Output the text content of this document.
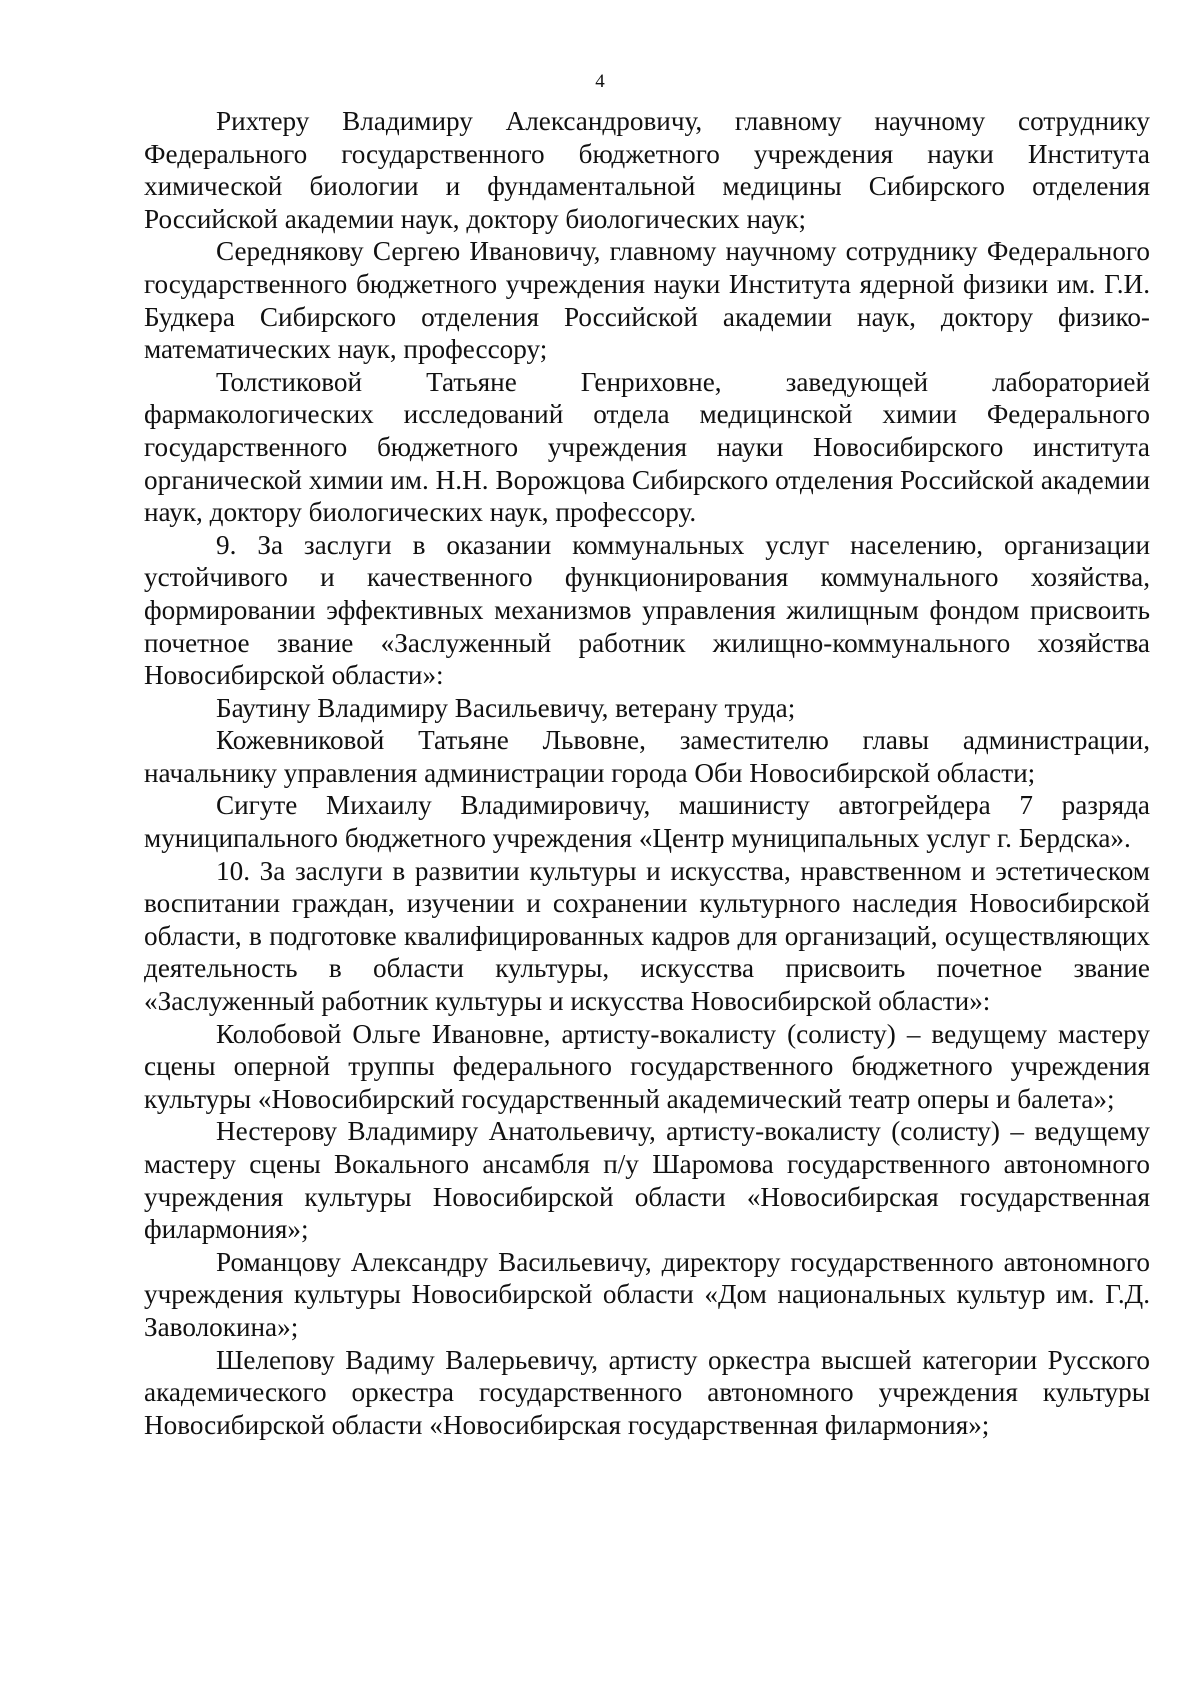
4

Рихтеру Владимиру Александровичу, главному научному сотруднику Федерального государственного бюджетного учреждения науки Института химической биологии и фундаментальной медицины Сибирского отделения Российской академии наук, доктору биологических наук;

Середнякову Сергею Ивановичу, главному научному сотруднику Федерального государственного бюджетного учреждения науки Института ядерной физики им. Г.И. Будкера Сибирского отделения Российской академии наук, доктору физико-математических наук, профессору;

Толстиковой Татьяне Генриховне, заведующей лабораторией фармакологических исследований отдела медицинской химии Федерального государственного бюджетного учреждения науки Новосибирского института органической химии им. Н.Н. Ворожцова Сибирского отделения Российской академии наук, доктору биологических наук, профессору.

9. За заслуги в оказании коммунальных услуг населению, организации устойчивого и качественного функционирования коммунального хозяйства, формировании эффективных механизмов управления жилищным фондом присвоить почетное звание «Заслуженный работник жилищно-коммунального хозяйства Новосибирской области»:

Баутину Владимиру Васильевичу, ветерану труда;

Кожевниковой Татьяне Львовне, заместителю главы администрации, начальнику управления администрации города Оби Новосибирской области;

Сигуте Михаилу Владимировичу, машинисту автогрейдера 7 разряда муниципального бюджетного учреждения «Центр муниципальных услуг г. Бердска».

10. За заслуги в развитии культуры и искусства, нравственном и эстетическом воспитании граждан, изучении и сохранении культурного наследия Новосибирской области, в подготовке квалифицированных кадров для организаций, осуществляющих деятельность в области культуры, искусства присвоить почетное звание «Заслуженный работник культуры и искусства Новосибирской области»:

Колобовой Ольге Ивановне, артисту-вокалисту (солисту) – ведущему мастеру сцены оперной труппы федерального государственного бюджетного учреждения культуры «Новосибирский государственный академический театр оперы и балета»;

Нестерову Владимиру Анатольевичу, артисту-вокалисту (солисту) – ведущему мастеру сцены Вокального ансамбля п/у Шаромова государственного автономного учреждения культуры Новосибирской области «Новосибирская государственная филармония»;

Романцову Александру Васильевичу, директору государственного автономного учреждения культуры Новосибирской области «Дом национальных культур им. Г.Д. Заволокина»;

Шелепову Вадиму Валерьевичу, артисту оркестра высшей категории Русского академического оркестра государственного автономного учреждения культуры Новосибирской области «Новосибирская государственная филармония»;
